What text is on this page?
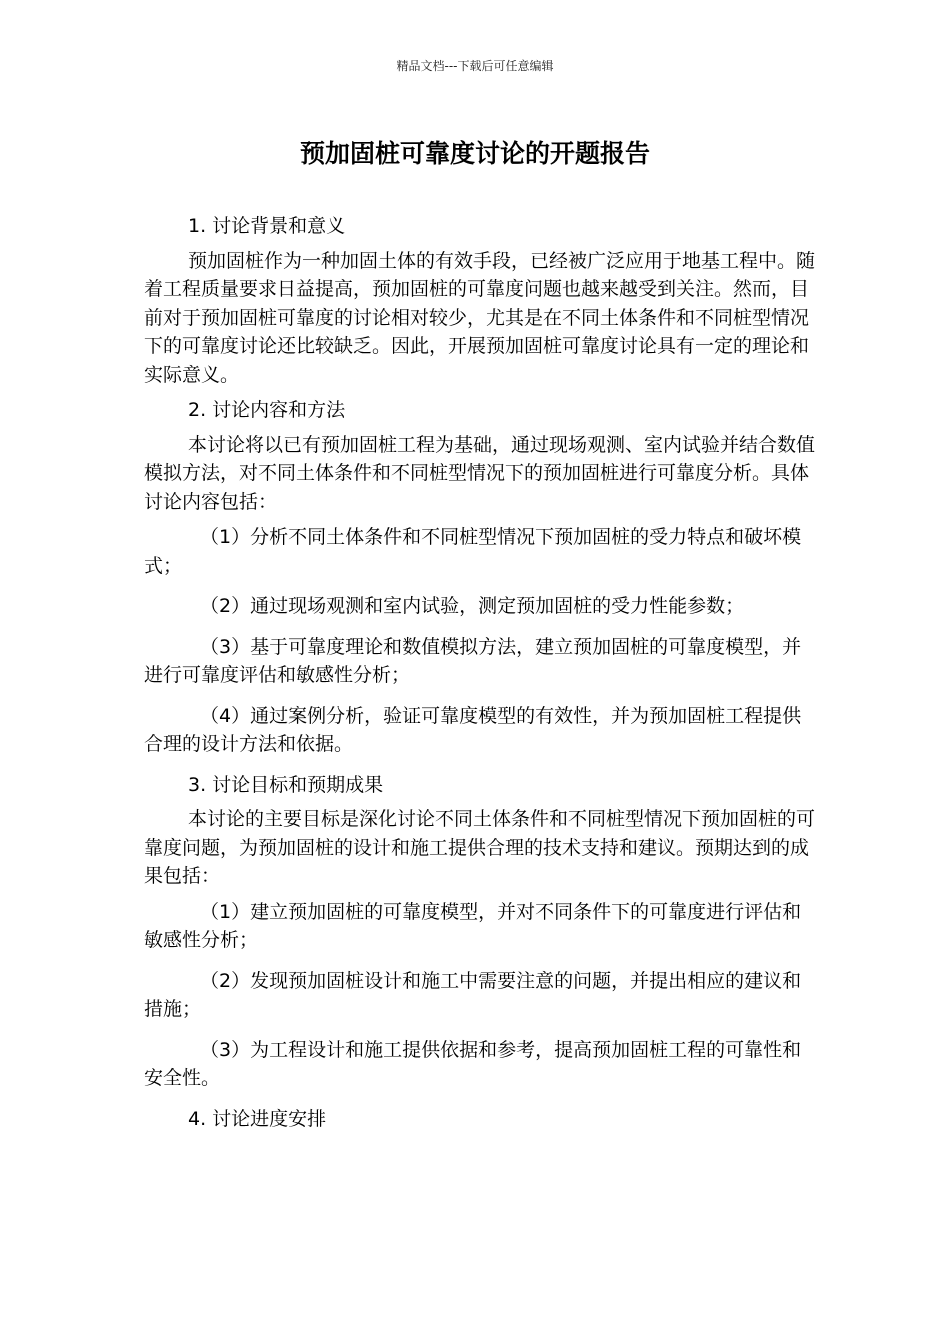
精品文档---下载后可任意编辑
预加固桩可靠度讨论的开题报告

1. 讨论背景和意义

预加固桩作为一种加固土体的有效手段，已经被广泛应用于地基工程中。随着工程质量要求日益提高，预加固桩的可靠度问题也越来越受到关注。然而，目前对于预加固桩可靠度的讨论相对较少，尤其是在不同土体条件和不同桩型情况下的可靠度讨论还比较缺乏。因此，开展预加固桩可靠度讨论具有一定的理论和实际意义。

2. 讨论内容和方法

本讨论将以已有预加固桩工程为基础，通过现场观测、室内试验并结合数值模拟方法，对不同土体条件和不同桩型情况下的预加固桩进行可靠度分析。具体讨论内容包括：

（1）分析不同土体条件和不同桩型情况下预加固桩的受力特点和破坏模式；

（2）通过现场观测和室内试验，测定预加固桩的受力性能参数；

（3）基于可靠度理论和数值模拟方法，建立预加固桩的可靠度模型，并进行可靠度评估和敏感性分析；

（4）通过案例分析，验证可靠度模型的有效性，并为预加固桩工程提供合理的设计方法和依据。

3. 讨论目标和预期成果

本讨论的主要目标是深化讨论不同土体条件和不同桩型情况下预加固桩的可靠度问题，为预加固桩的设计和施工提供合理的技术支持和建议。预期达到的成果包括：

（1）建立预加固桩的可靠度模型，并对不同条件下的可靠度进行评估和敏感性分析；

（2）发现预加固桩设计和施工中需要注意的问题，并提出相应的建议和措施；

（3）为工程设计和施工提供依据和参考，提高预加固桩工程的可靠性和安全性。

4. 讨论进度安排
